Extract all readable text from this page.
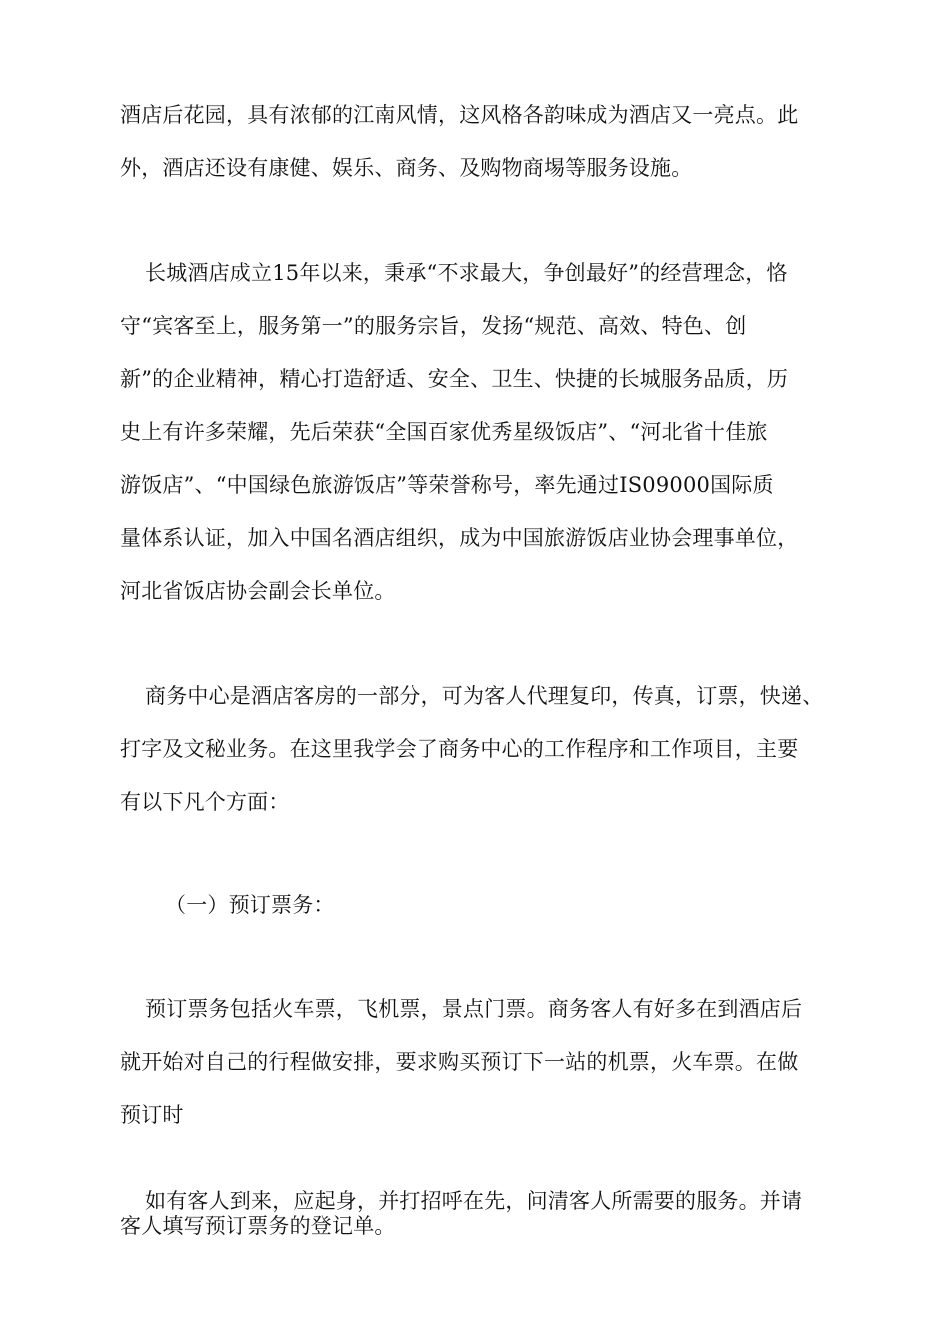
酒店后花园，具有浓郁的江南风情，这风格各韵味成为酒店又一亮点。此
外，酒店还设有康健、娱乐、商务、及购物商埸等服务设施。
长城酒店成立15年以来，秉承“不求最大，争创最好”的经营理念，恪
守“宾客至上，服务第一”的服务宗旨，发扬“规范、高效、特色、创
新”的企业精神，精心打造舒适、安全、卫生、快捷的长城服务品质，历
史上有许多荣耀，先后荣获“全国百家优秀星级饭店”、“河北省十佳旅
游饭店”、“中国绿色旅游饭店”等荣誉称号，率先通过IS09000国际质
量体系认证，加入中国名酒店组织，成为中国旅游饭店业协会理事单位，
河北省饭店协会副会长单位。
商务中心是酒店客房的一部分，可为客人代理复印，传真，订票，快递、
打字及文秘业务。在这里我学会了商务中心的工作程序和工作项目，主要
有以下凡个方面：
（一）预订票务：
预订票务包括火车票，飞机票，景点门票。商务客人有好多在到酒店后
就开始对自己的行程做安排，要求购买预订下一站的机票，火车票。在做
预订时
如有客人到来，应起身，并打招呼在先，问清客人所需要的服务。并请
客人填写预订票务的登记单。
